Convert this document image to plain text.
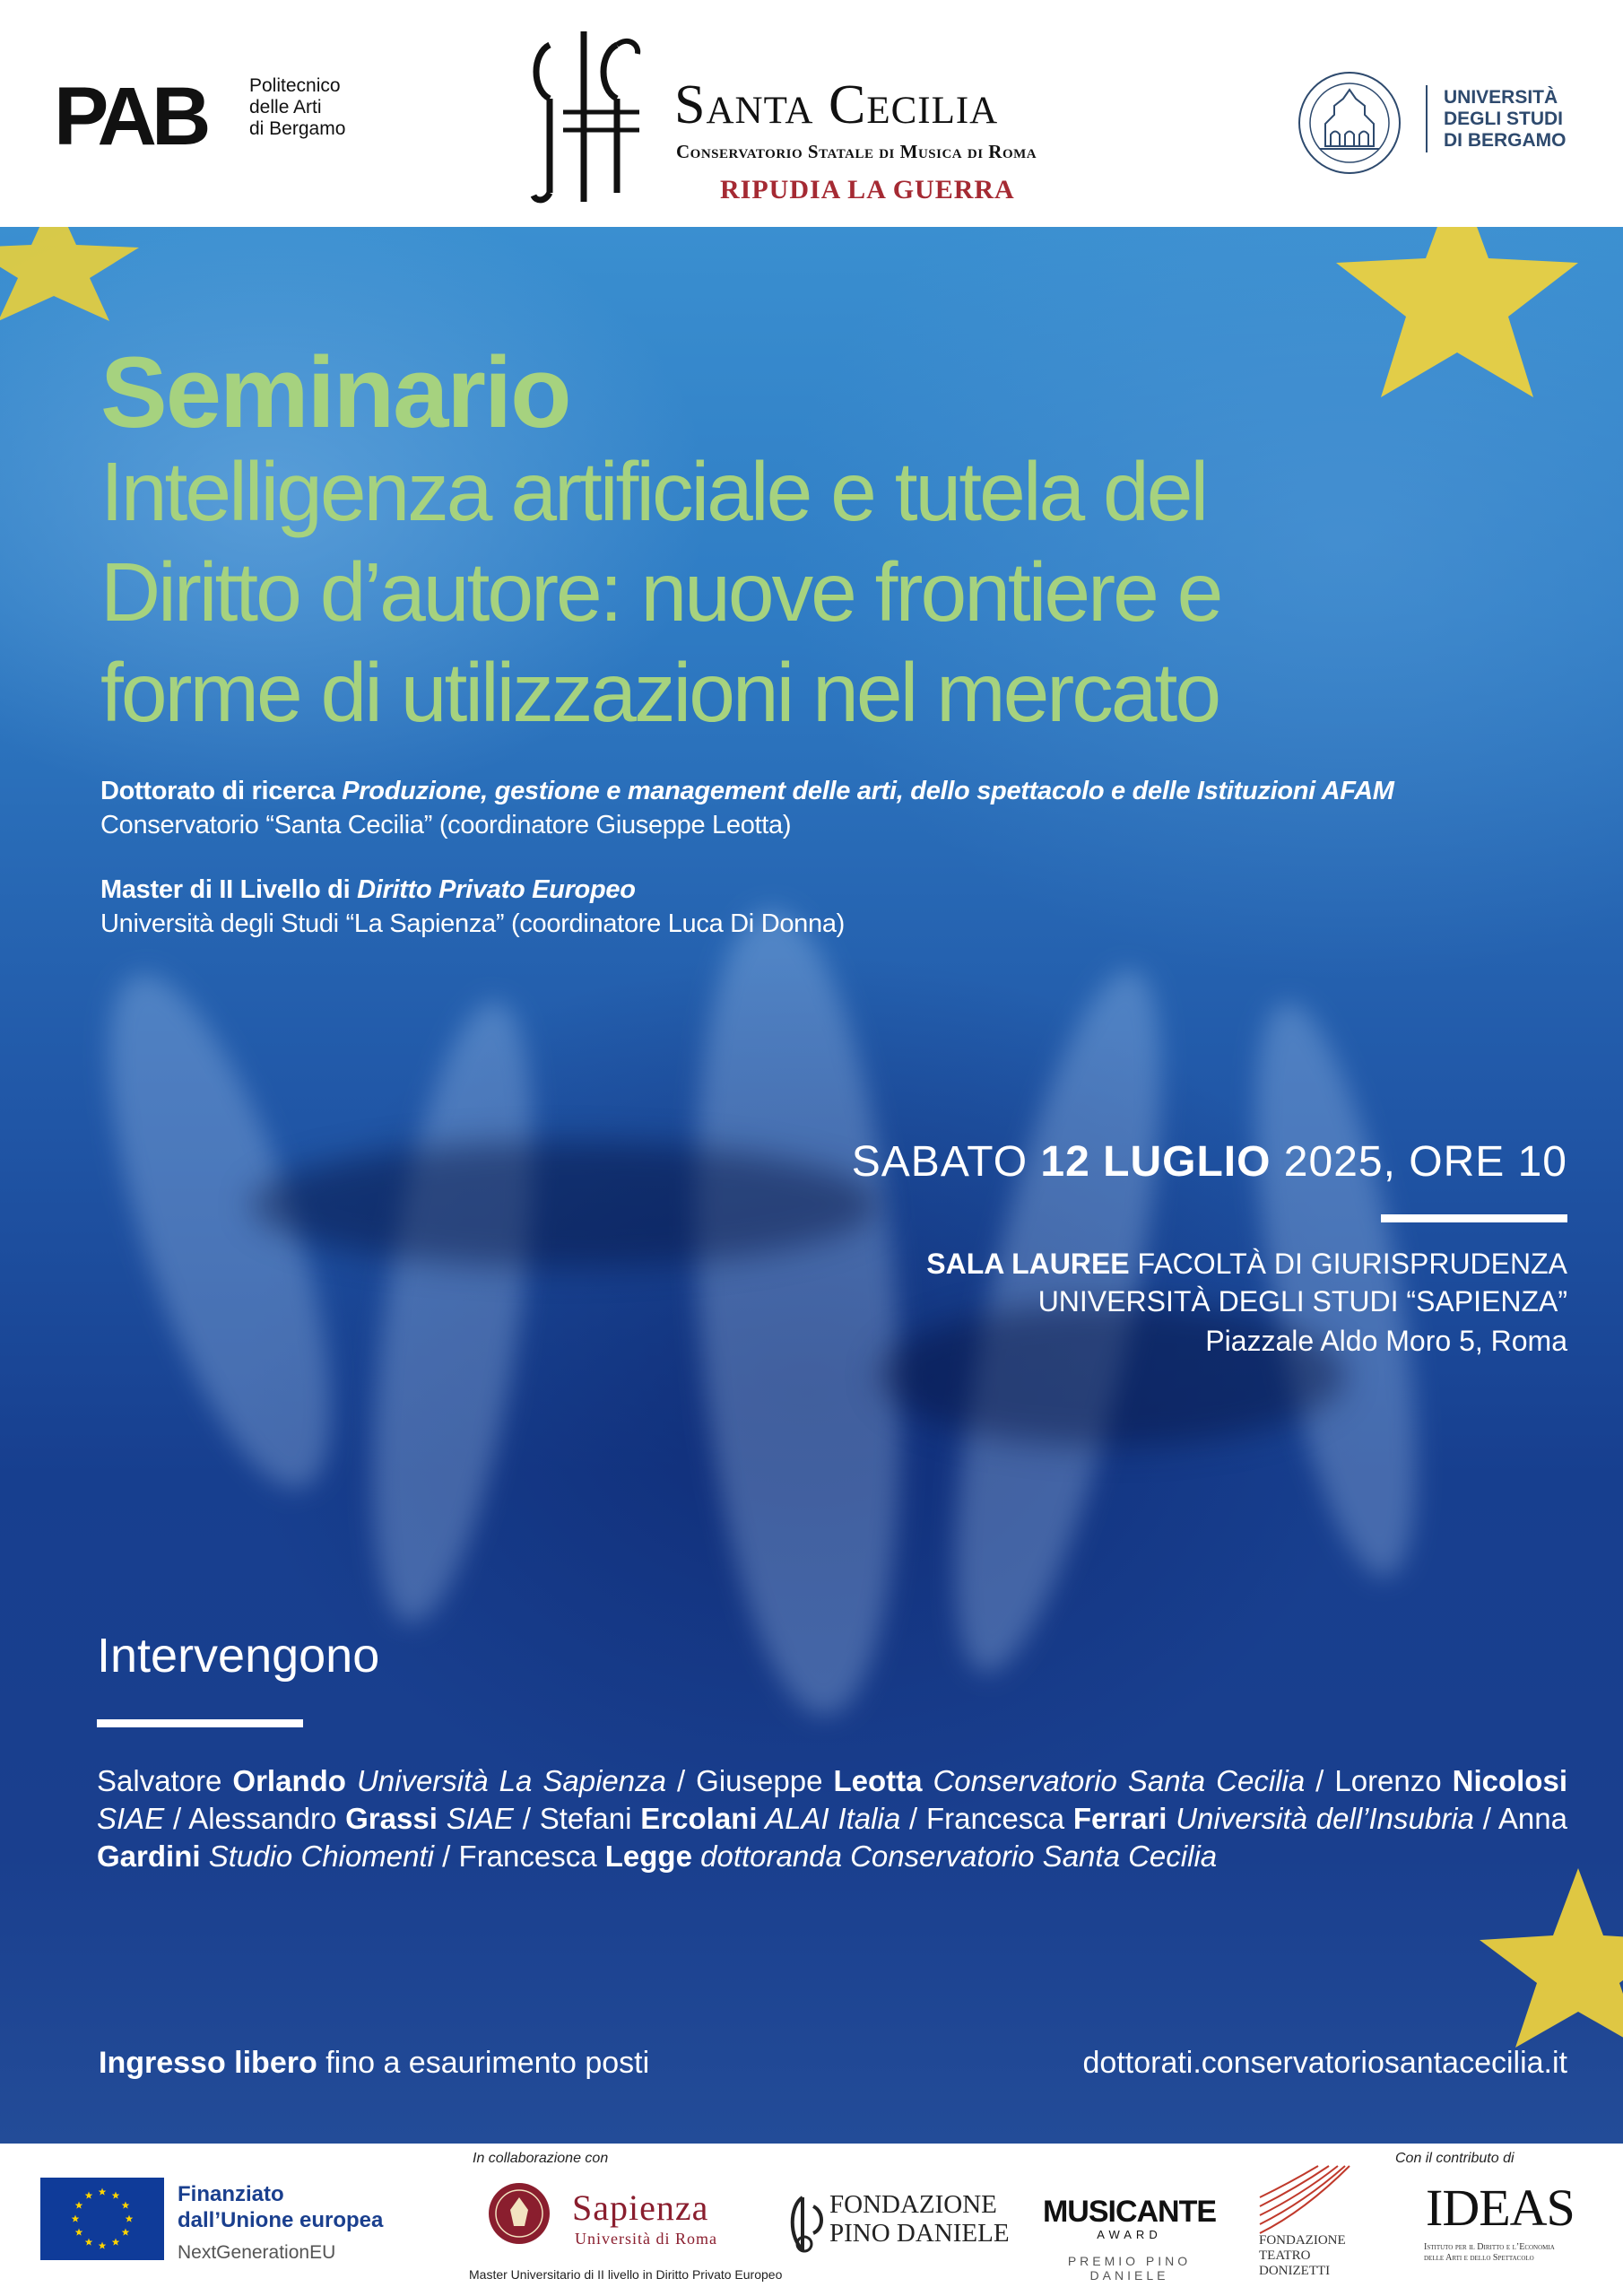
PAB Politecnico
delle Arti
di Bergamo	Santa Cecilia
Conservatorio Statale di Musica di Roma
RIPUDIA LA GUERRA
UNIVERSITÀ
DEGLI STUDI
DI BERGAMO
Seminario
Intelligenza artificiale e tutela del
Diritto d’autore: nuove frontiere e
forme di utilizzazioni nel mercato
Dottorato di ricerca Produzione, gestione e management delle arti, dello spettacolo e delle Istituzioni AFAM
Conservatorio “Santa Cecilia” (coordinatore Giuseppe Leotta)
Master di II Livello di Diritto Privato Europeo
Università degli Studi “La Sapienza” (coordinatore Luca Di Donna)
SABATO 12 LUGLIO 2025, ORE 10
SALA LAUREE FACOLTÀ DI GIURISPRUDENZA
UNIVERSITÀ DEGLI STUDI “SAPIENZA”
Piazzale Aldo Moro 5, Roma
Intervengono
Salvatore Orlando Università La Sapienza / Giuseppe Leotta Conservatorio Santa Cecilia / Lorenzo Nicolosi SIAE / Alessandro Grassi SIAE / Stefani Ercolani ALAI Italia / Francesca Ferrari Università dell’Insubria / Anna Gardini Studio Chiomenti / Francesca Legge dottoranda Conservatorio Santa Cecilia
Ingresso libero fino a esaurimento posti	dottorati.conservatoriosantacecilia.it
Finanziato
dall’Unione europea
NextGenerationEU
In collaborazione con	Con il contributo di
Sapienza
Università di Roma
Master Universitario di II livello in Diritto Privato Europeo
FONDAZIONE
PINO DANIELE
MUSICANTE
AWARD
PREMIO PINO DANIELE
FONDAZIONE
TEATRO
DONIZETTI
IDEAS
Istituto per il Diritto e l’Economia
delle Arti e dello Spettacolo
